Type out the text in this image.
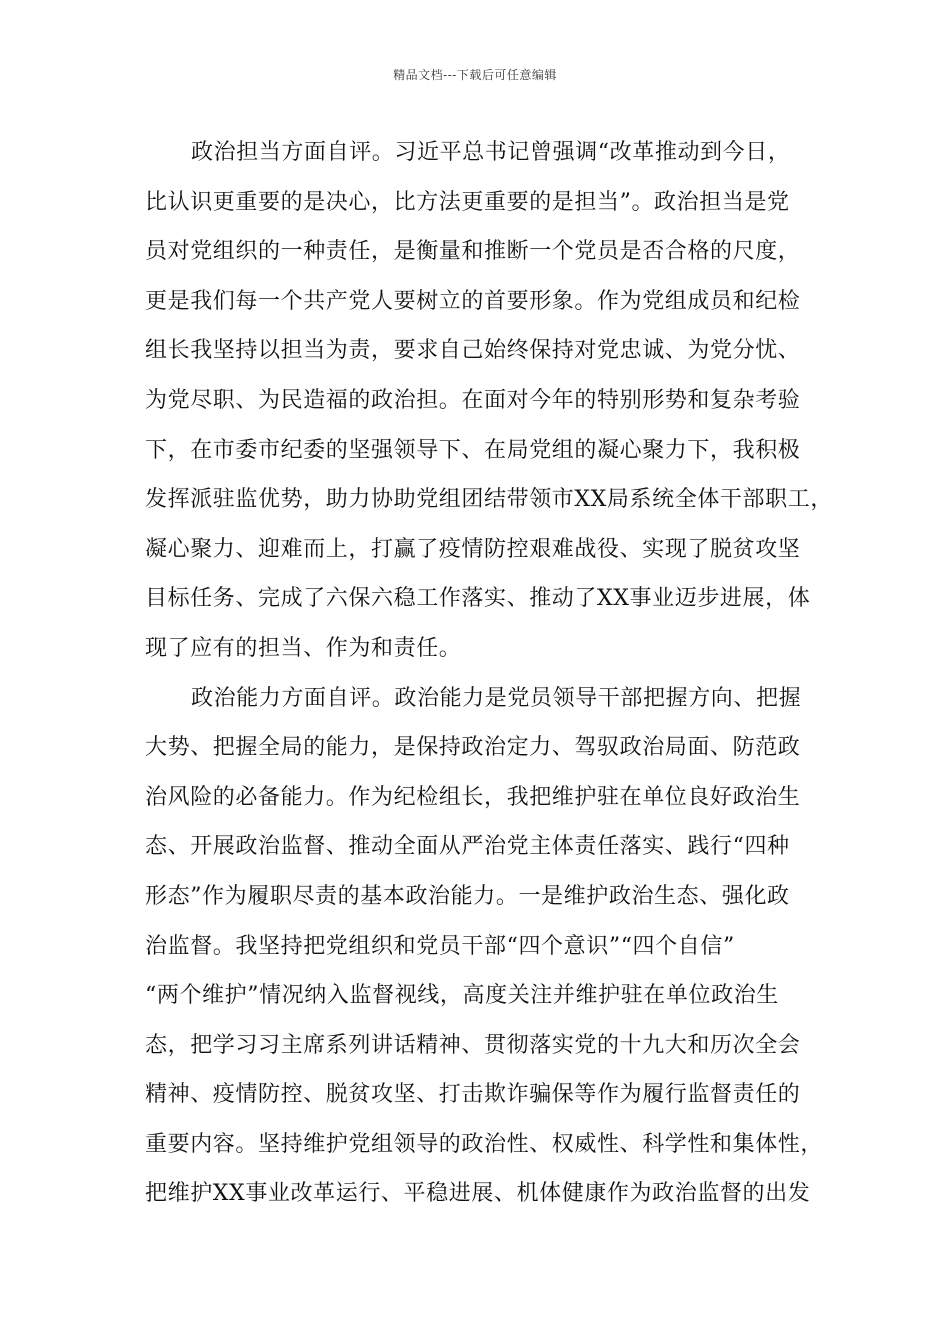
精品文档---下载后可任意编辑
政治担当方面自评。习近平总书记曾强调“改革推动到今日，
比认识更重要的是决心，比方法更重要的是担当”。政治担当是党
员对党组织的一种责任，是衡量和推断一个党员是否合格的尺度，
更是我们每一个共产党人要树立的首要形象。作为党组成员和纪检
组长我坚持以担当为责，要求自己始终保持对党忠诚、为党分忧、
为党尽职、为民造福的政治担。在面对今年的特别形势和复杂考验
下，在市委市纪委的坚强领导下、在局党组的凝心聚力下，我积极
发挥派驻监优势，助力协助党组团结带领市XX局系统全体干部职工，
凝心聚力、迎难而上，打赢了疫情防控艰难战役、实现了脱贫攻坚
目标任务、完成了六保六稳工作落实、推动了XX事业迈步进展，体
现了应有的担当、作为和责任。
政治能力方面自评。政治能力是党员领导干部把握方向、把握
大势、把握全局的能力，是保持政治定力、驾驭政治局面、防范政
治风险的必备能力。作为纪检组长，我把维护驻在单位良好政治生
态、开展政治监督、推动全面从严治党主体责任落实、践行“四种
形态”作为履职尽责的基本政治能力。一是维护政治生态、强化政
治监督。我坚持把党组织和党员干部“四个意识”“四个自信”
“两个维护”情况纳入监督视线，高度关注并维护驻在单位政治生
态，把学习习主席系列讲话精神、贯彻落实党的十九大和历次全会
精神、疫情防控、脱贫攻坚、打击欺诈骗保等作为履行监督责任的
重要内容。坚持维护党组领导的政治性、权威性、科学性和集体性，
把维护XX事业改革运行、平稳进展、机体健康作为政治监督的出发
